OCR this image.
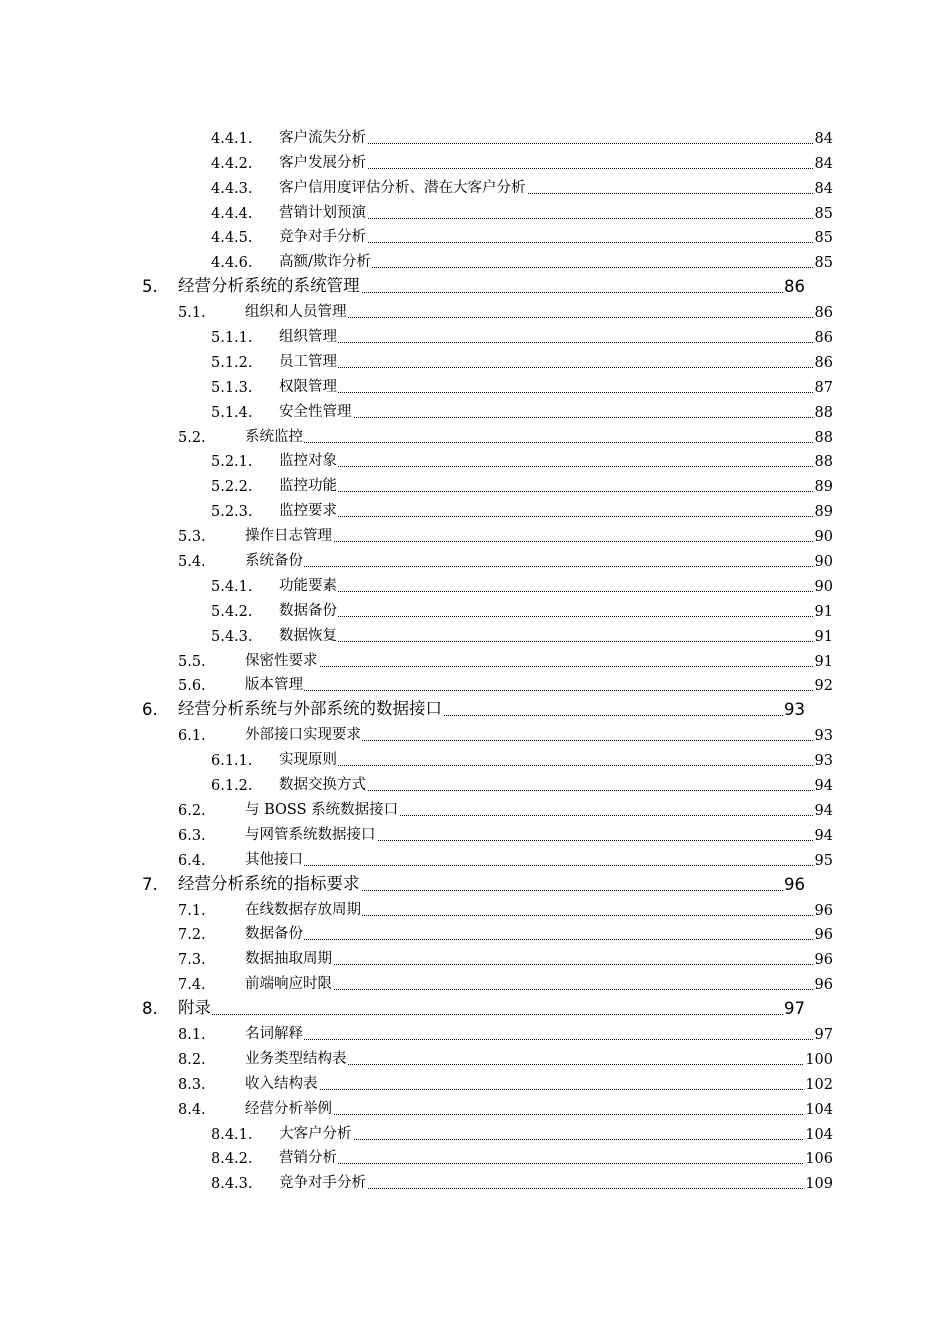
4.4.1. 客户流失分析	84
4.4.2. 客户发展分析	84
4.4.3. 客户信用度评估分析、潜在大客户分析	84
4.4.4. 营销计划预演	85
4.4.5. 竞争对手分析	85
4.4.6. 高额/欺诈分析	85
5. 经营分析系统的系统管理	86
5.1.	组织和人员管理	86
5.1.1. 组织管理	86
5.1.2. 员工管理	86
5.1.3. 权限管理	87
5.1.4. 安全性管理	88
5.2.	系统监控	88
5.2.1. 监控对象	88
5.2.2. 监控功能	89
5.2.3. 监控要求	89
5.3.	操作日志管理	90
5.4.	系统备份	90
5.4.1. 功能要素	90
5.4.2. 数据备份	91
5.4.3. 数据恢复	91
5.5.	保密性要求	91
5.6.	版本管理	92
6. 经营分析系统与外部系统的数据接口	93
6.1.	外部接口实现要求	93
6.1.1. 实现原则	93
6.1.2. 数据交换方式	94
6.2.	与 BOSS 系统数据接口	94
6.3.	与网管系统数据接口	94
6.4.	其他接口	95
7. 经营分析系统的指标要求	96
7.1.	在线数据存放周期	96
7.2.	数据备份	96
7.3.	数据抽取周期	96
7.4.	前端响应时限	96
8. 附录	97
8.1.	名词解释	97
8.2.	业务类型结构表	100
8.3.	收入结构表	102
8.4.	经营分析举例	104
8.4.1. 大客户分析	104
8.4.2. 营销分析	106
8.4.3. 竞争对手分析	109
